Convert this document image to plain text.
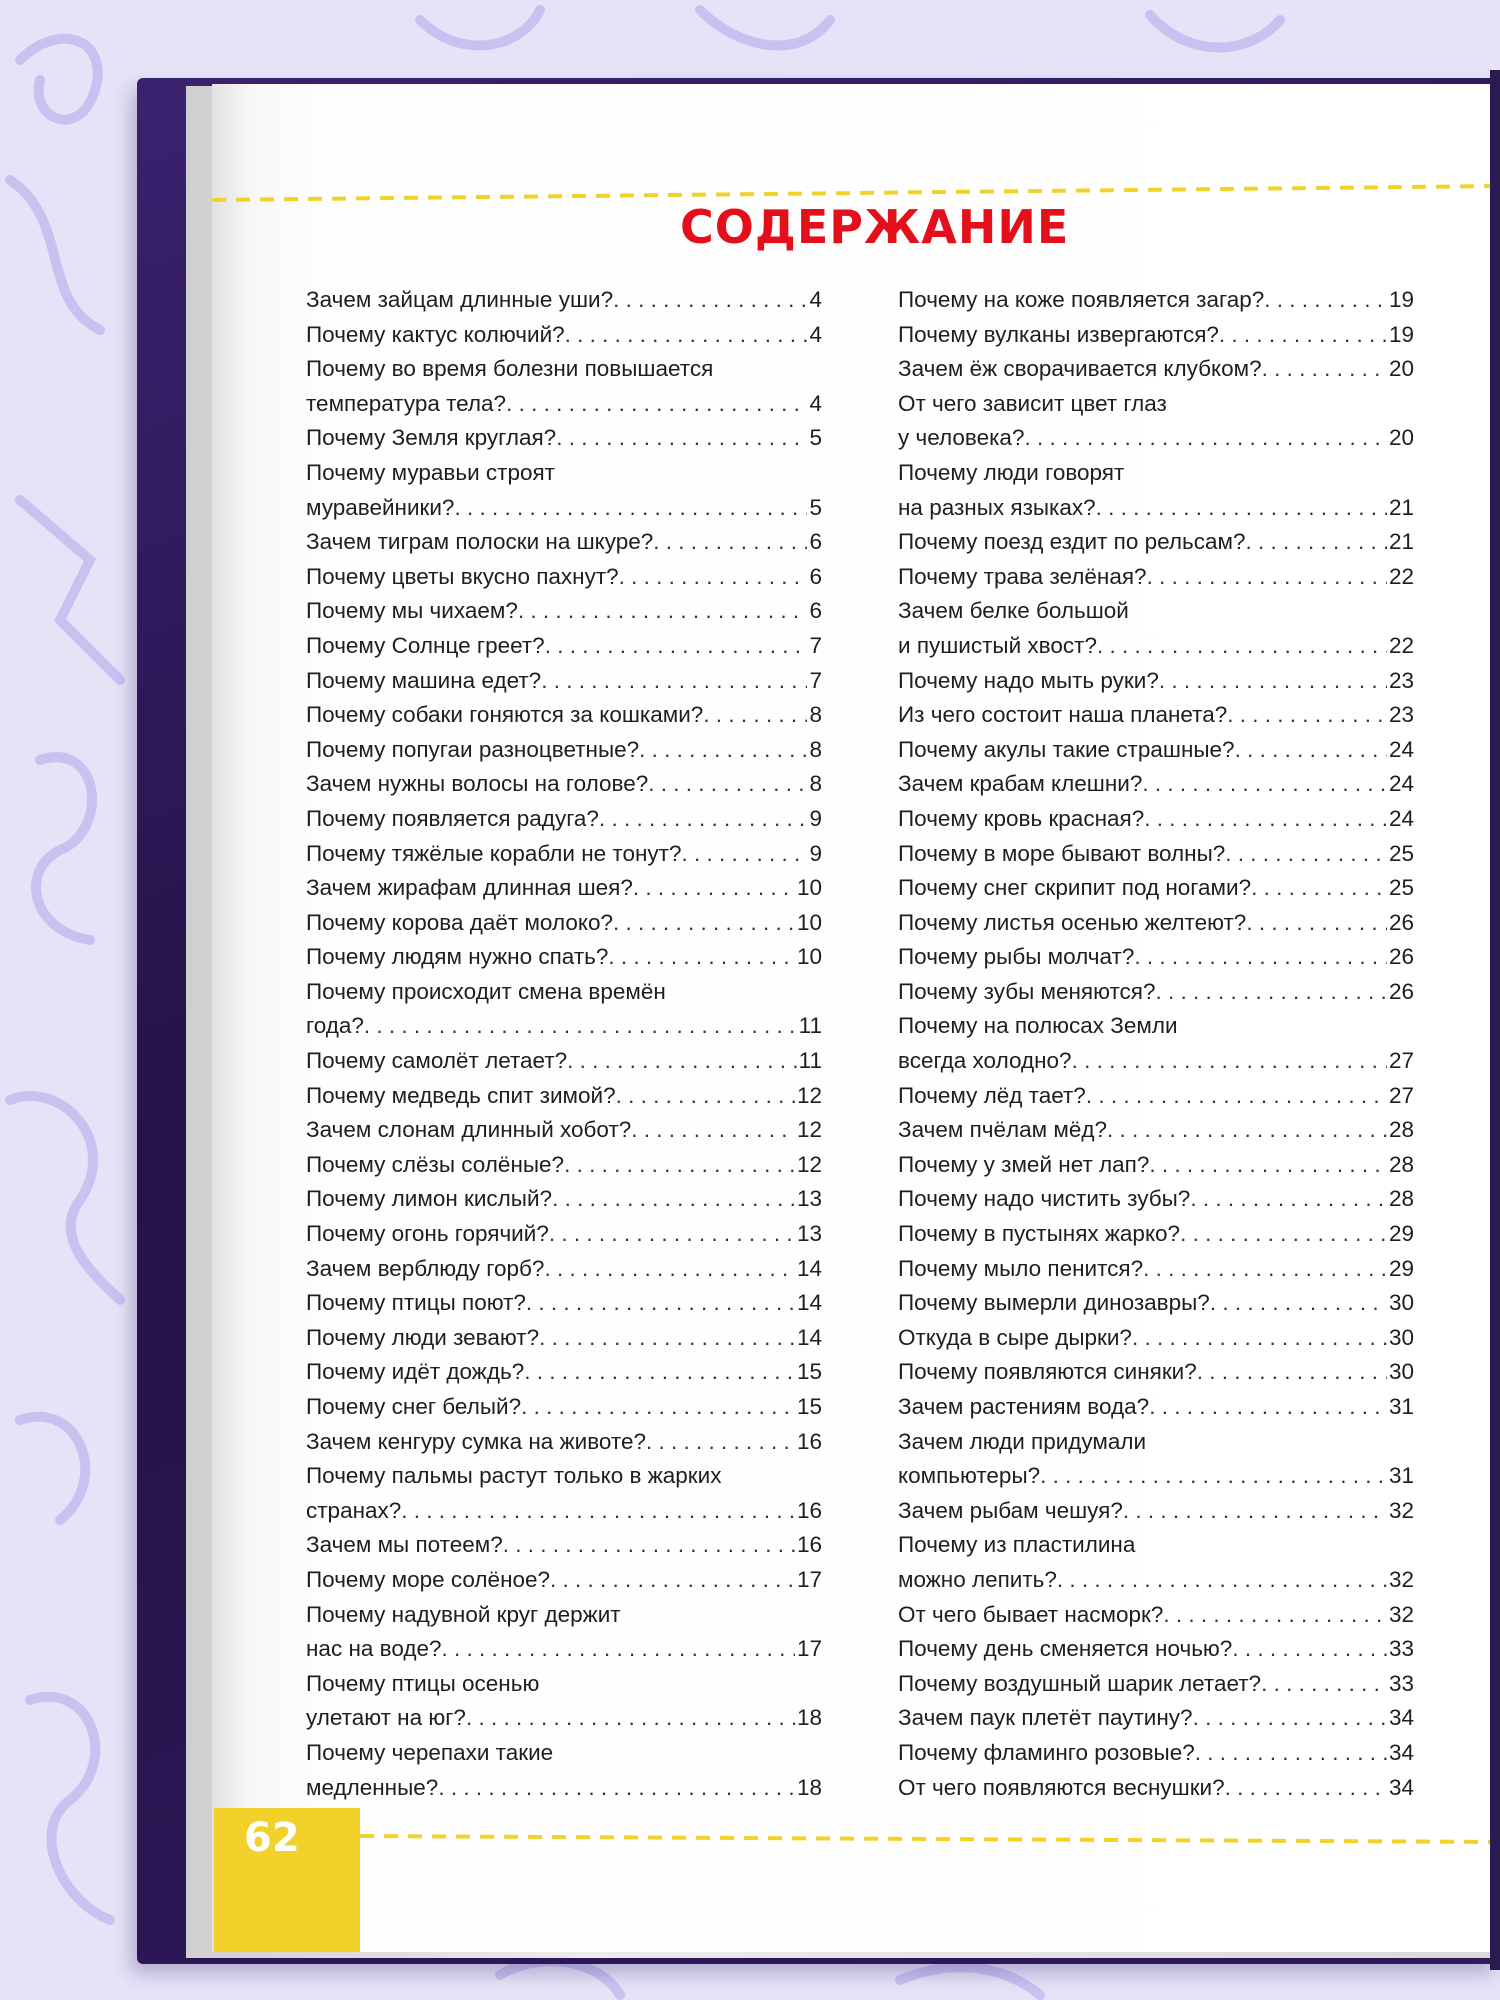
СОДЕРЖАНИЕ
Зачем зайцам длинные уши? . . .	4
Почему кактус колючий? . . .	4
Почему во время болезни повышается
температура тела? . . .	4
Почему Земля круглая? . . .	5
Почему муравьи строят
муравейники? . . .	5
Зачем тиграм полоски на шкуре? . . .	6
Почему цветы вкусно пахнут? . . .	6
Почему мы чихаем? . . .	6
Почему Солнце греет? . . .	7
Почему машина едет? . . .	7
Почему собаки гоняются за кошками? . . .	8
Почему попугаи разноцветные? . . .	8
Зачем нужны волосы на голове? . . .	8
Почему появляется радуга? . . .	9
Почему тяжёлые корабли не тонут? . . .	9
Зачем жирафам длинная шея? . . .	10
Почему корова даёт молоко? . . .	10
Почему людям нужно спать? . . .	10
Почему происходит смена времён
года? . . .	11
Почему самолёт летает? . . .	11
Почему медведь спит зимой? . . .	12
Зачем слонам длинный хобот? . . .	12
Почему слёзы солёные? . . .	12
Почему лимон кислый? . . .	13
Почему огонь горячий? . . .	13
Зачем верблюду горб? . . .	14
Почему птицы поют? . . .	14
Почему люди зевают? . . .	14
Почему идёт дождь? . . .	15
Почему снег белый? . . .	15
Зачем кенгуру сумка на животе? . . .	16
Почему пальмы растут только в жарких
странах? . . .	16
Зачем мы потеем? . . .	16
Почему море солёное? . . .	17
Почему надувной круг держит
нас на воде? . . .	17
Почему птицы осенью
улетают на юг? . . .	18
Почему черепахи такие
медленные? . . .	18
Почему на коже появляется загар? . . .	19
Почему вулканы извергаются? . . .	19
Зачем ёж сворачивается клубком? . . .	20
От чего зависит цвет глаз
у человека? . . .	20
Почему люди говорят
на разных языках? . . .	21
Почему поезд ездит по рельсам? . . .	21
Почему трава зелёная? . . .	22
Зачем белке большой
и пушистый хвост? . . .	22
Почему надо мыть руки? . . .	23
Из чего состоит наша планета? . . .	23
Почему акулы такие страшные? . . .	24
Зачем крабам клешни? . . .	24
Почему кровь красная? . . .	24
Почему в море бывают волны? . . .	25
Почему снег скрипит под ногами? . . .	25
Почему листья осенью желтеют? . . .	26
Почему рыбы молчат? . . .	26
Почему зубы меняются? . . .	26
Почему на полюсах Земли
всегда холодно? . . .	27
Почему лёд тает? . . .	27
Зачем пчёлам мёд? . . .	28
Почему у змей нет лап? . . .	28
Почему надо чистить зубы? . . .	28
Почему в пустынях жарко? . . .	29
Почему мыло пенится? . . .	29
Почему вымерли динозавры? . . .	30
Откуда в сыре дырки? . . .	30
Почему появляются синяки? . . .	30
Зачем растениям вода? . . .	31
Зачем люди придумали
компьютеры? . . .	31
Зачем рыбам чешуя? . . .	32
Почему из пластилина
можно лепить? . . .	32
От чего бывает насморк? . . .	32
Почему день сменяется ночью? . . .	33
Почему воздушный шарик летает? . . .	33
Зачем паук плетёт паутину? . . .	34
Почему фламинго розовые? . . .	34
От чего появляются веснушки? . . .	34
62
